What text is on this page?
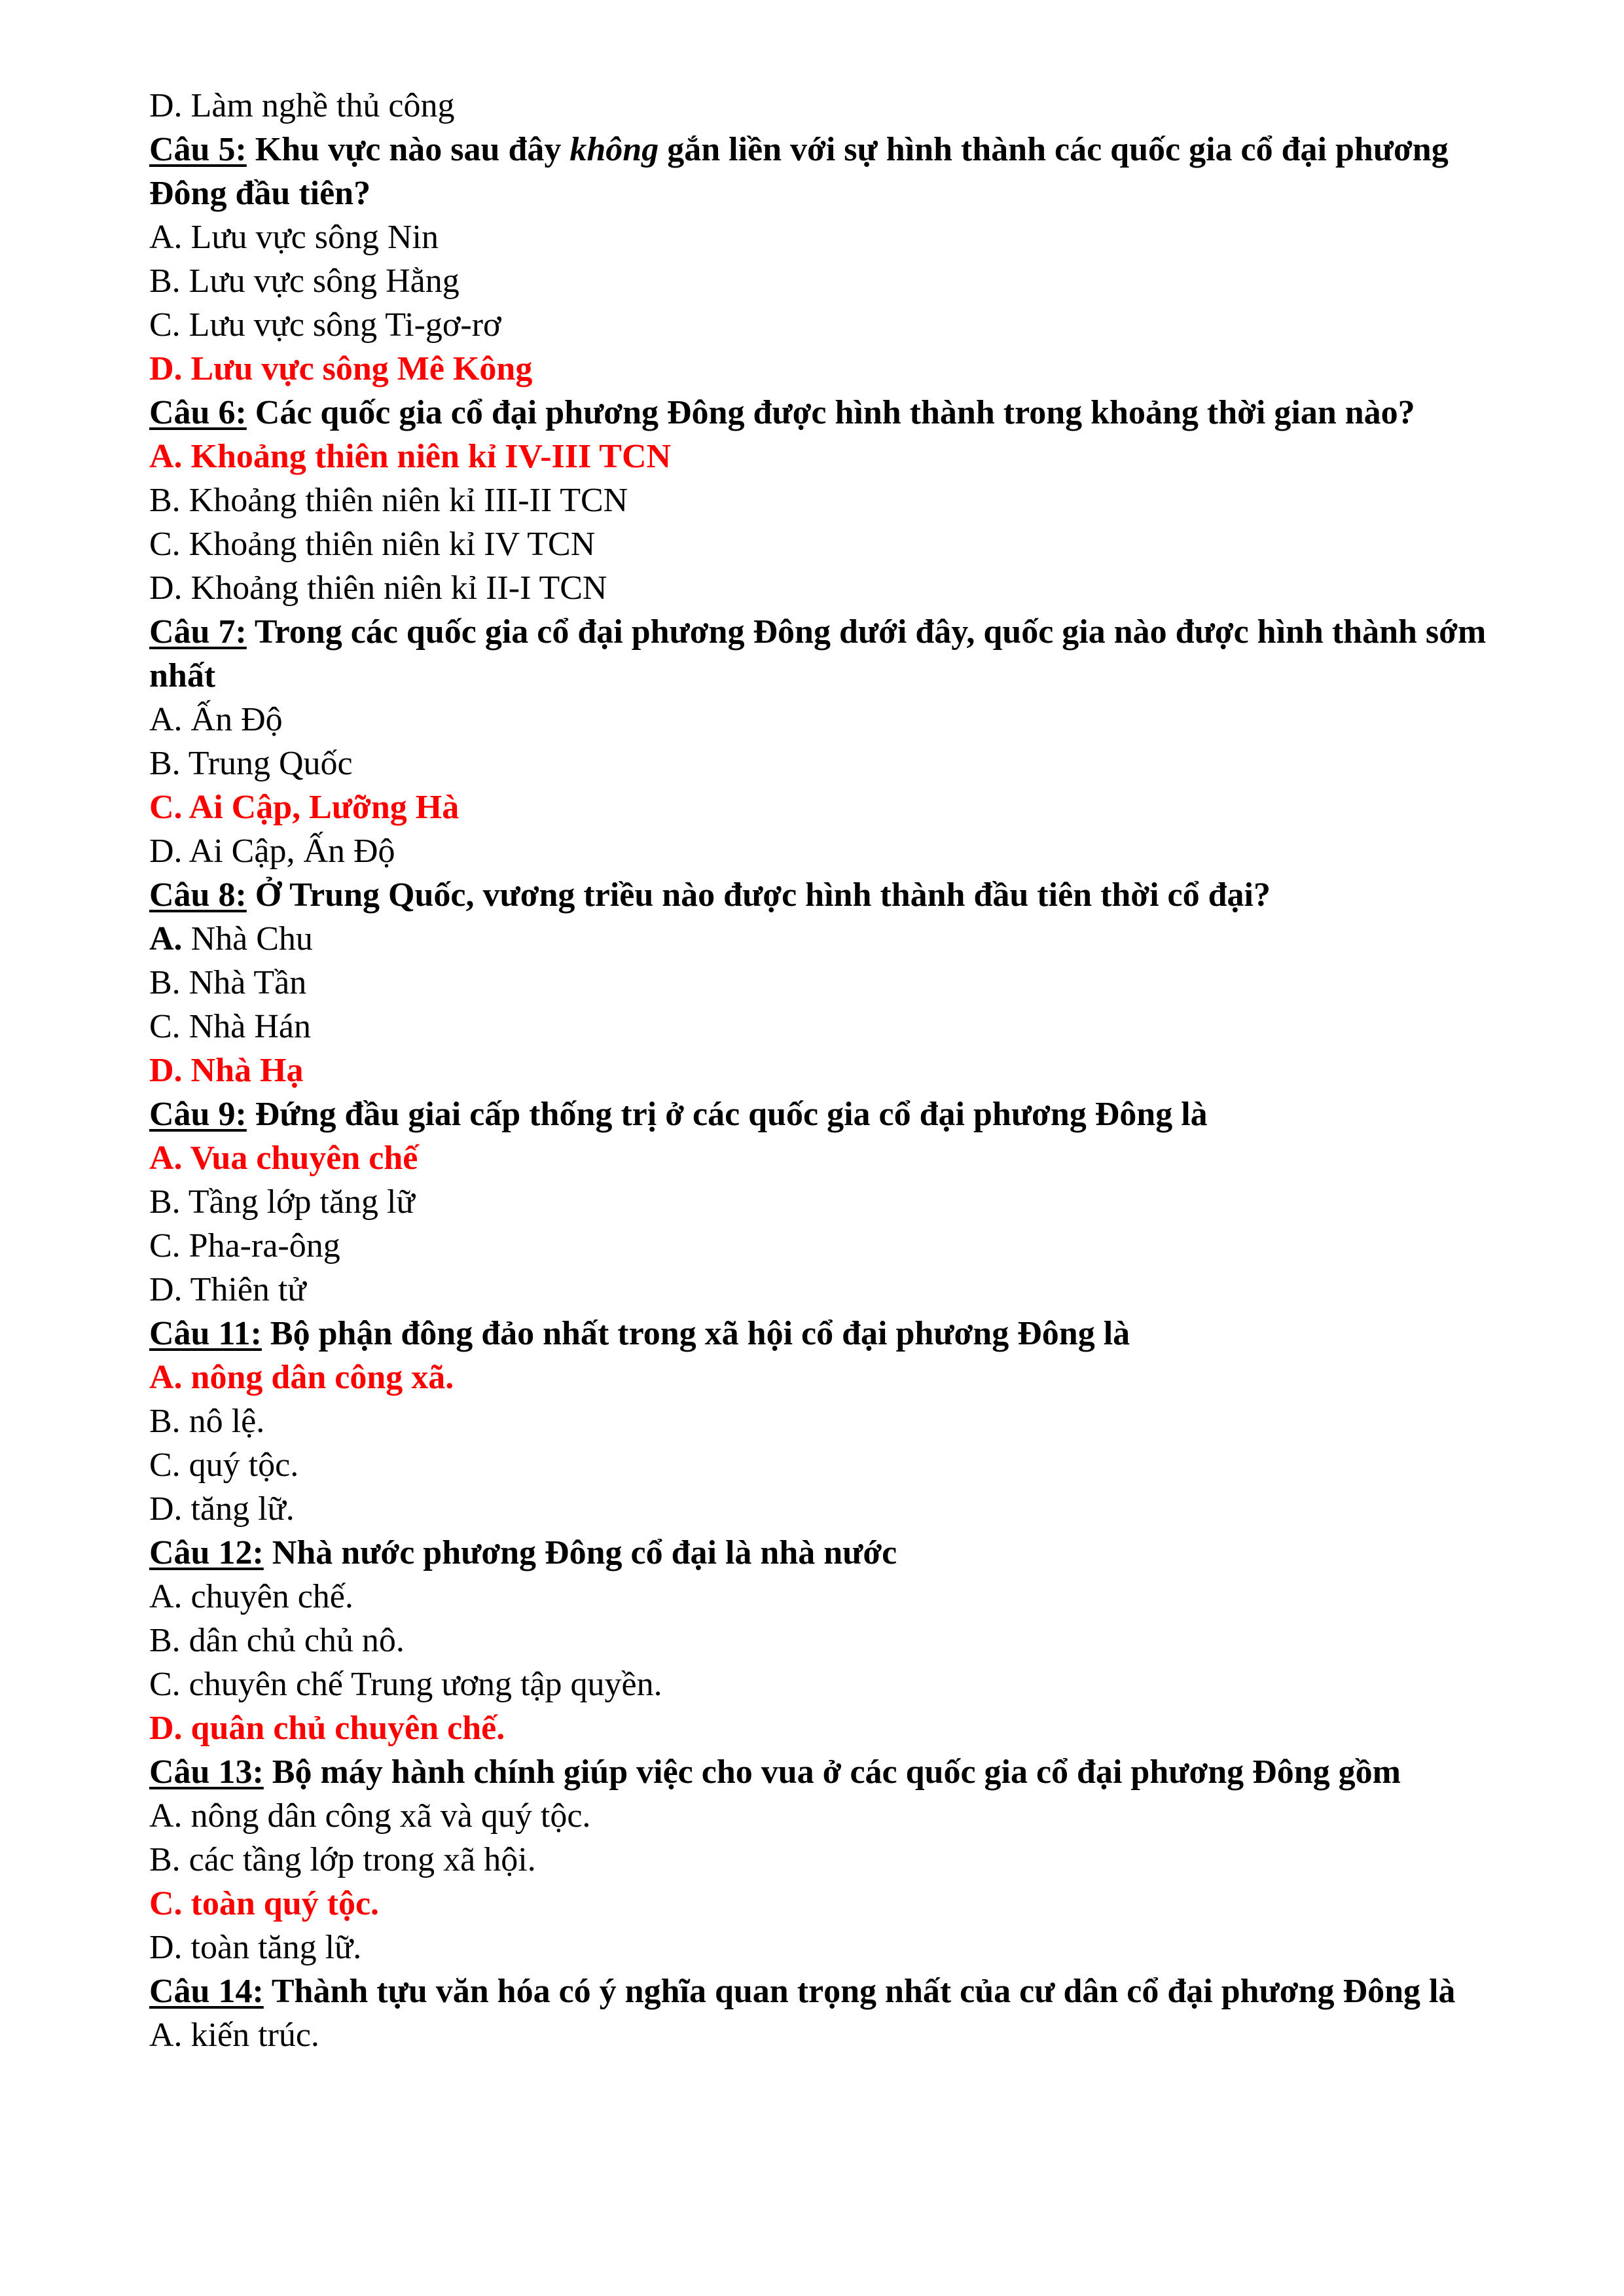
D. Làm nghề thủ công
Câu 5: Khu vực nào sau đây không gắn liền với sự hình thành các quốc gia cổ đại phương Đông đầu tiên?
A. Lưu vực sông Nin
B. Lưu vực sông Hằng
C. Lưu vực sông Ti-gơ-rơ
D. Lưu vực sông Mê Kông
Câu 6: Các quốc gia cổ đại phương Đông được hình thành trong khoảng thời gian nào?
A. Khoảng thiên niên kỉ IV-III TCN
B. Khoảng thiên niên kỉ III-II TCN
C. Khoảng thiên niên kỉ IV TCN
D. Khoảng thiên niên kỉ II-I TCN
Câu 7: Trong các quốc gia cổ đại phương Đông dưới đây, quốc gia nào được hình thành sớm nhất
A. Ấn Độ
B. Trung Quốc
C. Ai Cập, Lưỡng Hà
D. Ai Cập, Ấn Độ
Câu 8: Ở Trung Quốc, vương triều nào được hình thành đầu tiên thời cổ đại?
A. Nhà Chu
B. Nhà Tần
C. Nhà Hán
D. Nhà Hạ
Câu 9: Đứng đầu giai cấp thống trị ở các quốc gia cổ đại phương Đông là
A. Vua chuyên chế
B. Tầng lớp tăng lữ
C. Pha-ra-ông
D. Thiên tử
Câu 11: Bộ phận đông đảo nhất trong xã hội cổ đại phương Đông là
A. nông dân công xã.
B. nô lệ.
C. quý tộc.
D. tăng lữ.
Câu 12: Nhà nước phương Đông cổ đại là nhà nước
A. chuyên chế.
B. dân chủ chủ nô.
C. chuyên chế Trung ương tập quyền.
D. quân chủ chuyên chế.
Câu 13: Bộ máy hành chính giúp việc cho vua ở các quốc gia cổ đại phương Đông gồm
A. nông dân công xã và quý tộc.
B. các tầng lớp trong xã hội.
C. toàn quý tộc.
D. toàn tăng lữ.
Câu 14: Thành tựu văn hóa có ý nghĩa quan trọng nhất của cư dân cổ đại phương Đông là
A. kiến trúc.
